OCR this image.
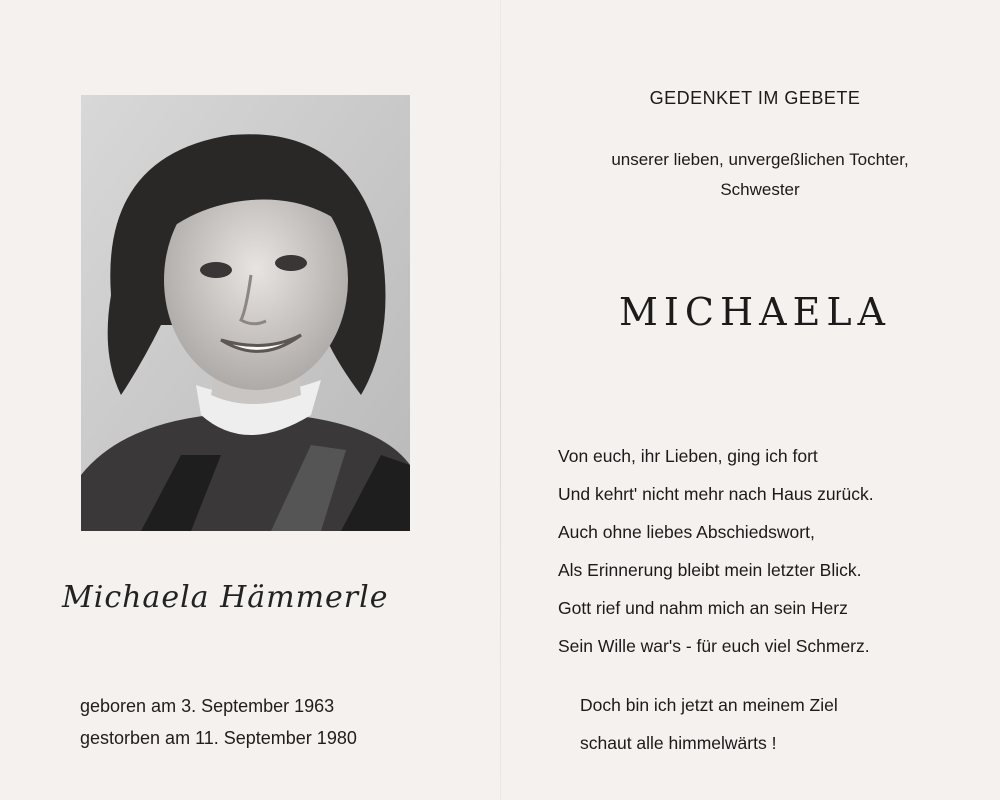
Michaela Hämmerle
geboren am 3. September 1963
gestorben am 11. September 1980
GEDENKET IM GEBETE
unserer lieben, unvergeßlichen Tochter,
Schwester
MICHAELA
Von euch, ihr Lieben, ging ich fort
Und kehrt' nicht mehr nach Haus zurück.
Auch ohne liebes Abschiedswort,
Als Erinnerung bleibt mein letzter Blick.
Gott rief und nahm mich an sein Herz
Sein Wille war's - für euch viel Schmerz.
Doch bin ich jetzt an meinem Ziel
schaut alle himmelwärts !
